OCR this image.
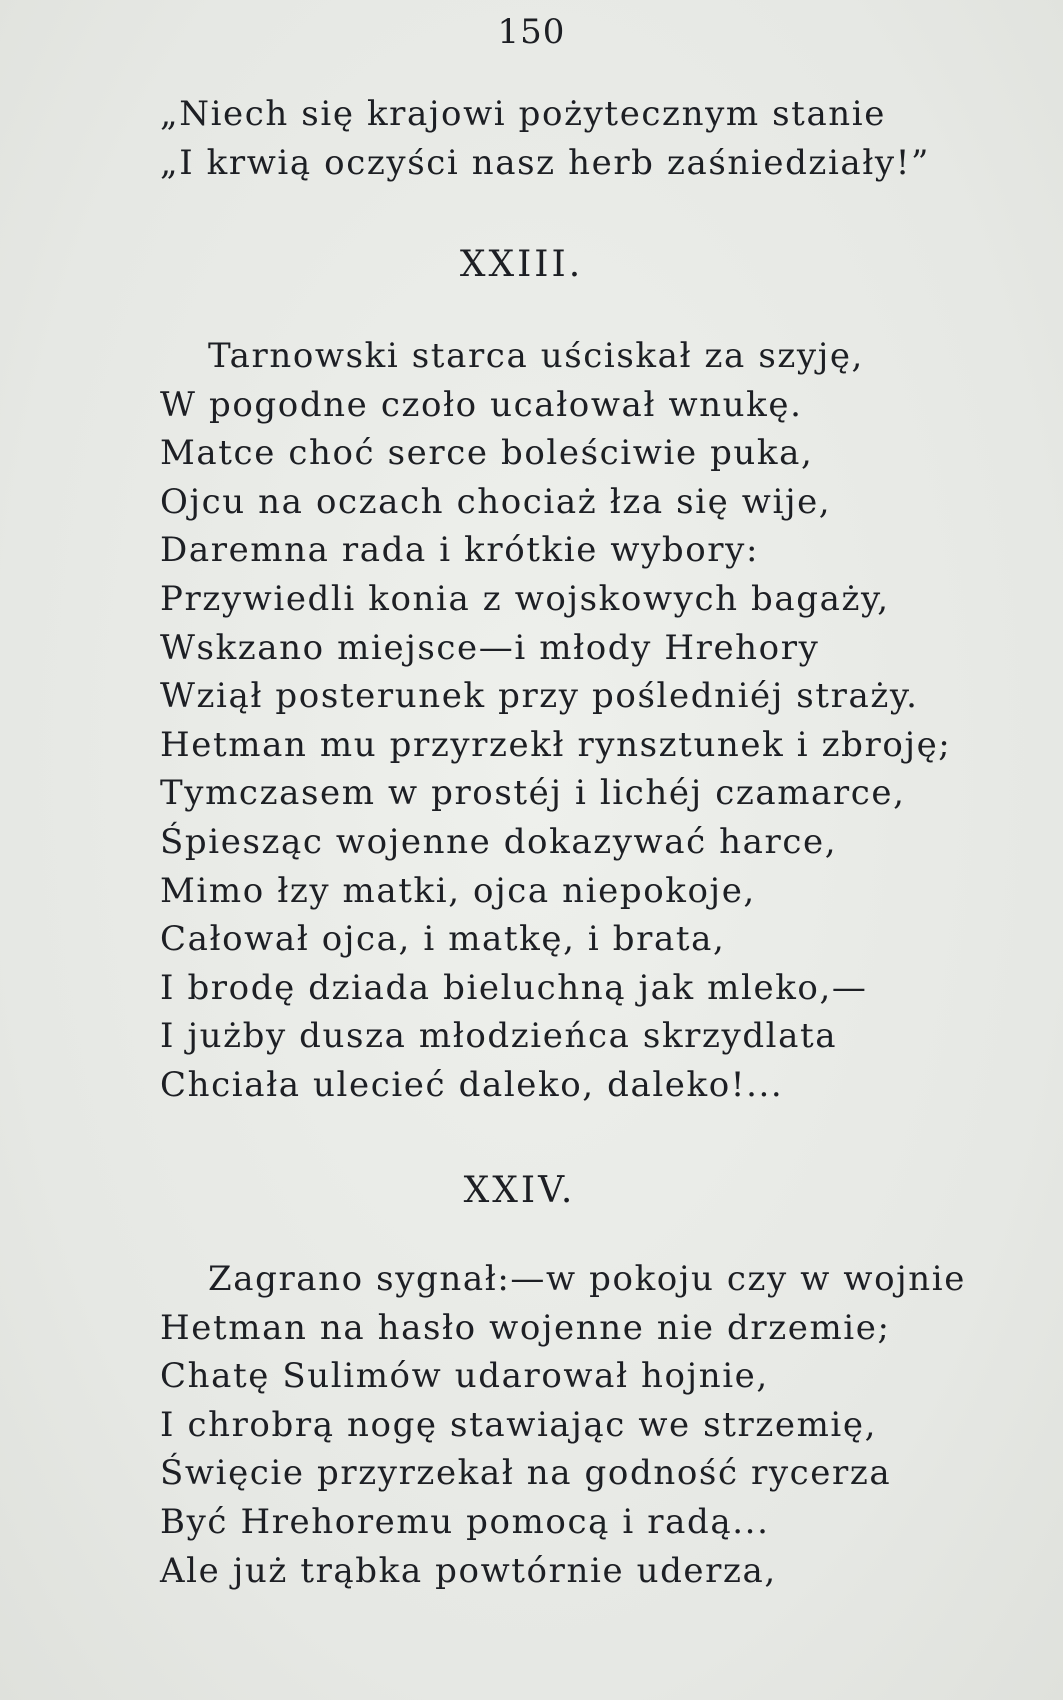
150
„Niech się krajowi pożytecznym stanie
„I krwią oczyści nasz herb zaśniedziały!”
XXIII.
Tarnowski starca uściskał za szyję,
W pogodne czoło ucałował wnukę.
Matce choć serce boleściwie puka,
Ojcu na oczach chociaż łza się wije,
Daremna rada i krótkie wybory:
Przywiedli konia z wojskowych bagaży,
Wskzano miejsce—i młody Hrehory
Wziął posterunek przy pośledniéj straży.
Hetman mu przyrzekł rynsztunek i zbroję;
Tymczasem w prostéj i lichéj czamarce,
Śpiesząc wojenne dokazywać harce,
Mimo łzy matki, ojca niepokoje,
Całował ojca, i matkę, i brata,
I brodę dziada bieluchną jak mleko,—
I jużby dusza młodzieńca skrzydlata
Chciała ulecieć daleko, daleko!...
XXIV.
Zagrano sygnał:—w pokoju czy w wojnie
Hetman na hasło wojenne nie drzemie;
Chatę Sulimów udarował hojnie,
I chrobrą nogę stawiając we strzemię,
Święcie przyrzekał na godność rycerza
Być Hrehoremu pomocą i radą...
Ale już trąbka powtórnie uderza,
